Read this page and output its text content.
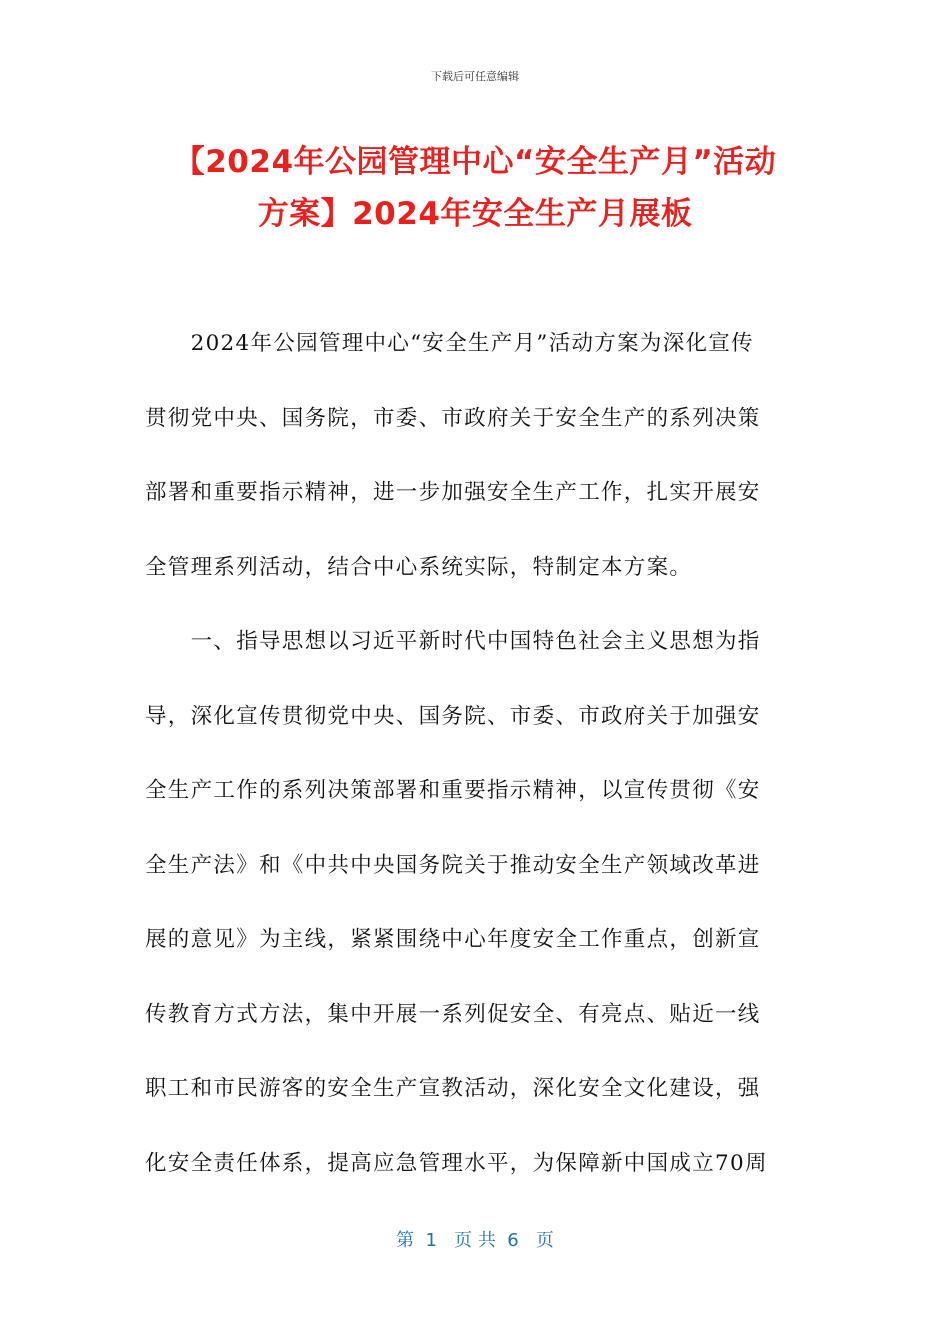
下载后可任意编辑
【2024年公园管理中心“安全生产月”活动
方案】2024年安全生产月展板
　　2024年公园管理中心“安全生产月”活动方案为深化宣传
贯彻党中央、国务院，市委、市政府关于安全生产的系列决策
部署和重要指示精神，进一步加强安全生产工作，扎实开展安
全管理系列活动，结合中心系统实际，特制定本方案。
　　一、指导思想以习近平新时代中国特色社会主义思想为指
导，深化宣传贯彻党中央、国务院、市委、市政府关于加强安
全生产工作的系列决策部署和重要指示精神，以宣传贯彻《安
全生产法》和《中共中央国务院关于推动安全生产领域改革进
展的意见》为主线，紧紧围绕中心年度安全工作重点，创新宣
传教育方式方法，集中开展一系列促安全、有亮点、贴近一线
职工和市民游客的安全生产宣教活动，深化安全文化建设，强
化安全责任体系，提高应急管理水平，为保障新中国成立70周
第  1   页 共  6   页
